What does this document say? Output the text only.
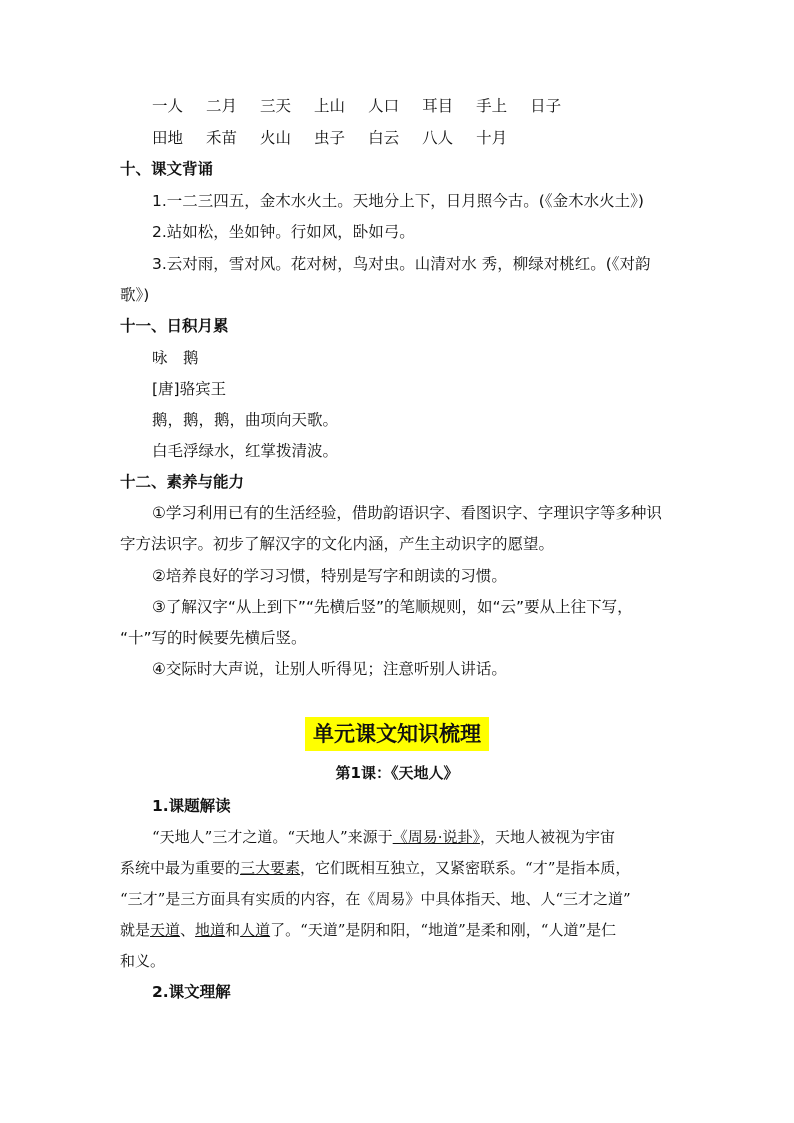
一人 二月 三天 上山 人口 耳目 手上 日子
田地 禾苗 火山 虫子 白云 八人 十月
十、课文背诵
1.一二三四五，金木水火土。天地分上下，日月照今古。(《金木水火土》)
2.站如松，坐如钟。行如风，卧如弓。
3.云对雨，雪对风。花对树，鸟对虫。山清对水 秀，柳绿对桃红。(《对韵
歌》)
十一、日积月累
咏　鹅
[唐]骆宾王
鹅，鹅，鹅，曲项向天歌。
白毛浮绿水，红掌拨清波。
十二、素养与能力
①学习利用已有的生活经验，借助韵语识字、看图识字、字理识字等多种识
字方法识字。初步了解汉字的文化内涵，产生主动识字的愿望。
②培养良好的学习习惯，特别是写字和朗读的习惯。
③了解汉字“从上到下”“先横后竖”的笔顺规则，如“云”要从上往下写，
“十”写的时候要先横后竖。
④交际时大声说，让别人听得见；注意听别人讲话。
单元课文知识梳理
第1课：《天地人》
1.课题解读
“天地人”三才之道。“天地人”来源于《周易·说卦》，天地人被视为宇宙
系统中最为重要的三大要素，它们既相互独立，又紧密联系。“才”是指本质，
“三才”是三方面具有实质的内容，在《周易》中具体指天、地、人“三才之道”
就是天道、地道和人道了。“天道”是阴和阳，“地道”是柔和刚，“人道”是仁
和义。
2.课文理解
